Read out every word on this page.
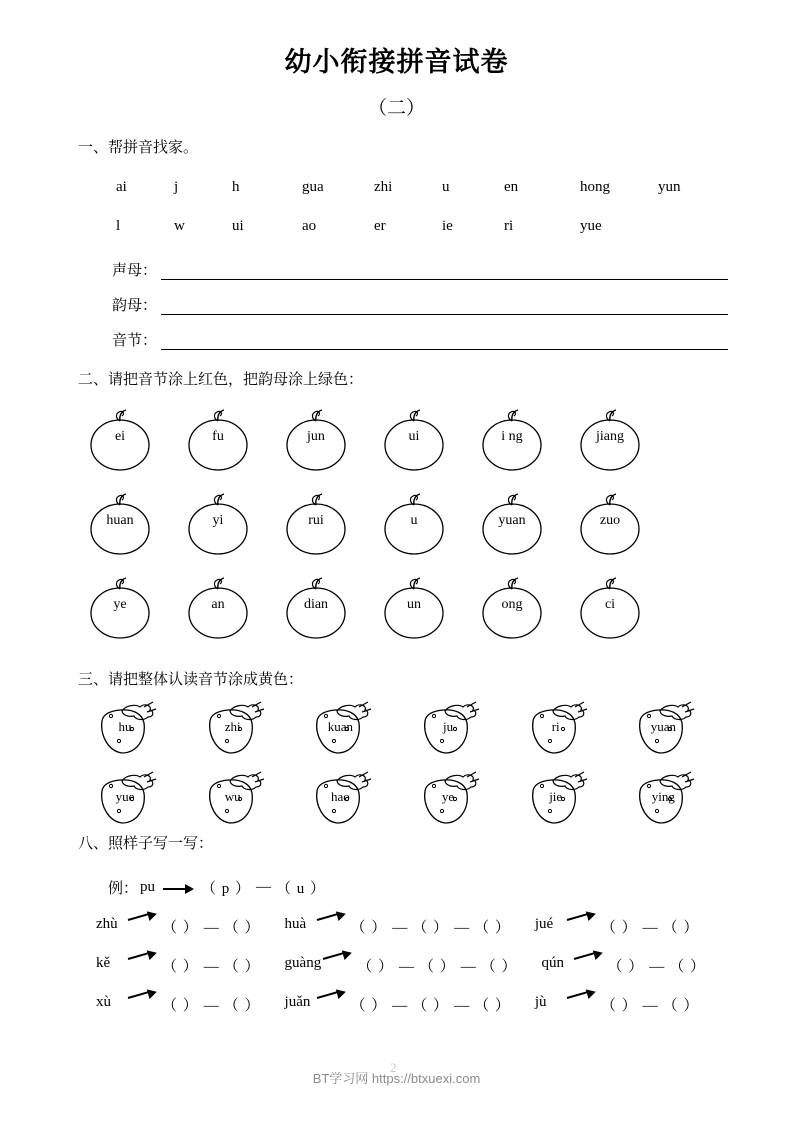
幼小衔接拼音试卷
（二）
一、帮拼音找家。
ai	j	h	gua	zhi	u	en	hong	yun
l	w	ui	ao	er	ie	ri	yue
声母：
韵母：
音节：
二、请把音节涂上红色，把韵母涂上绿色：
ei	fu	jun	ui	i ng	jiang
huan	yi	rui	u	yuan	zuo
ye	an	dian	un	ong	ci
三、请把整体认读音节涂成黄色：
hu	zhi	kuan	ju	ri	yuan
yue	wu	hao	ye	jie	ying
八、照样子写一写：
例： pu	（ p ） — （ u ）
zhù	（ ） — （ ） huà	（ ） — （ ） — （ ） jué	（ ） — （ ）
kě	（ ） — （ ） guàng （ ） — （ ） — （ ） qún	（ ） — （ ）
xù	（ ） — （ ） juǎn	（ ） — （ ） — （ ） jù	（ ） — （ ）
2
BT学习网 https://btxuexi.com
